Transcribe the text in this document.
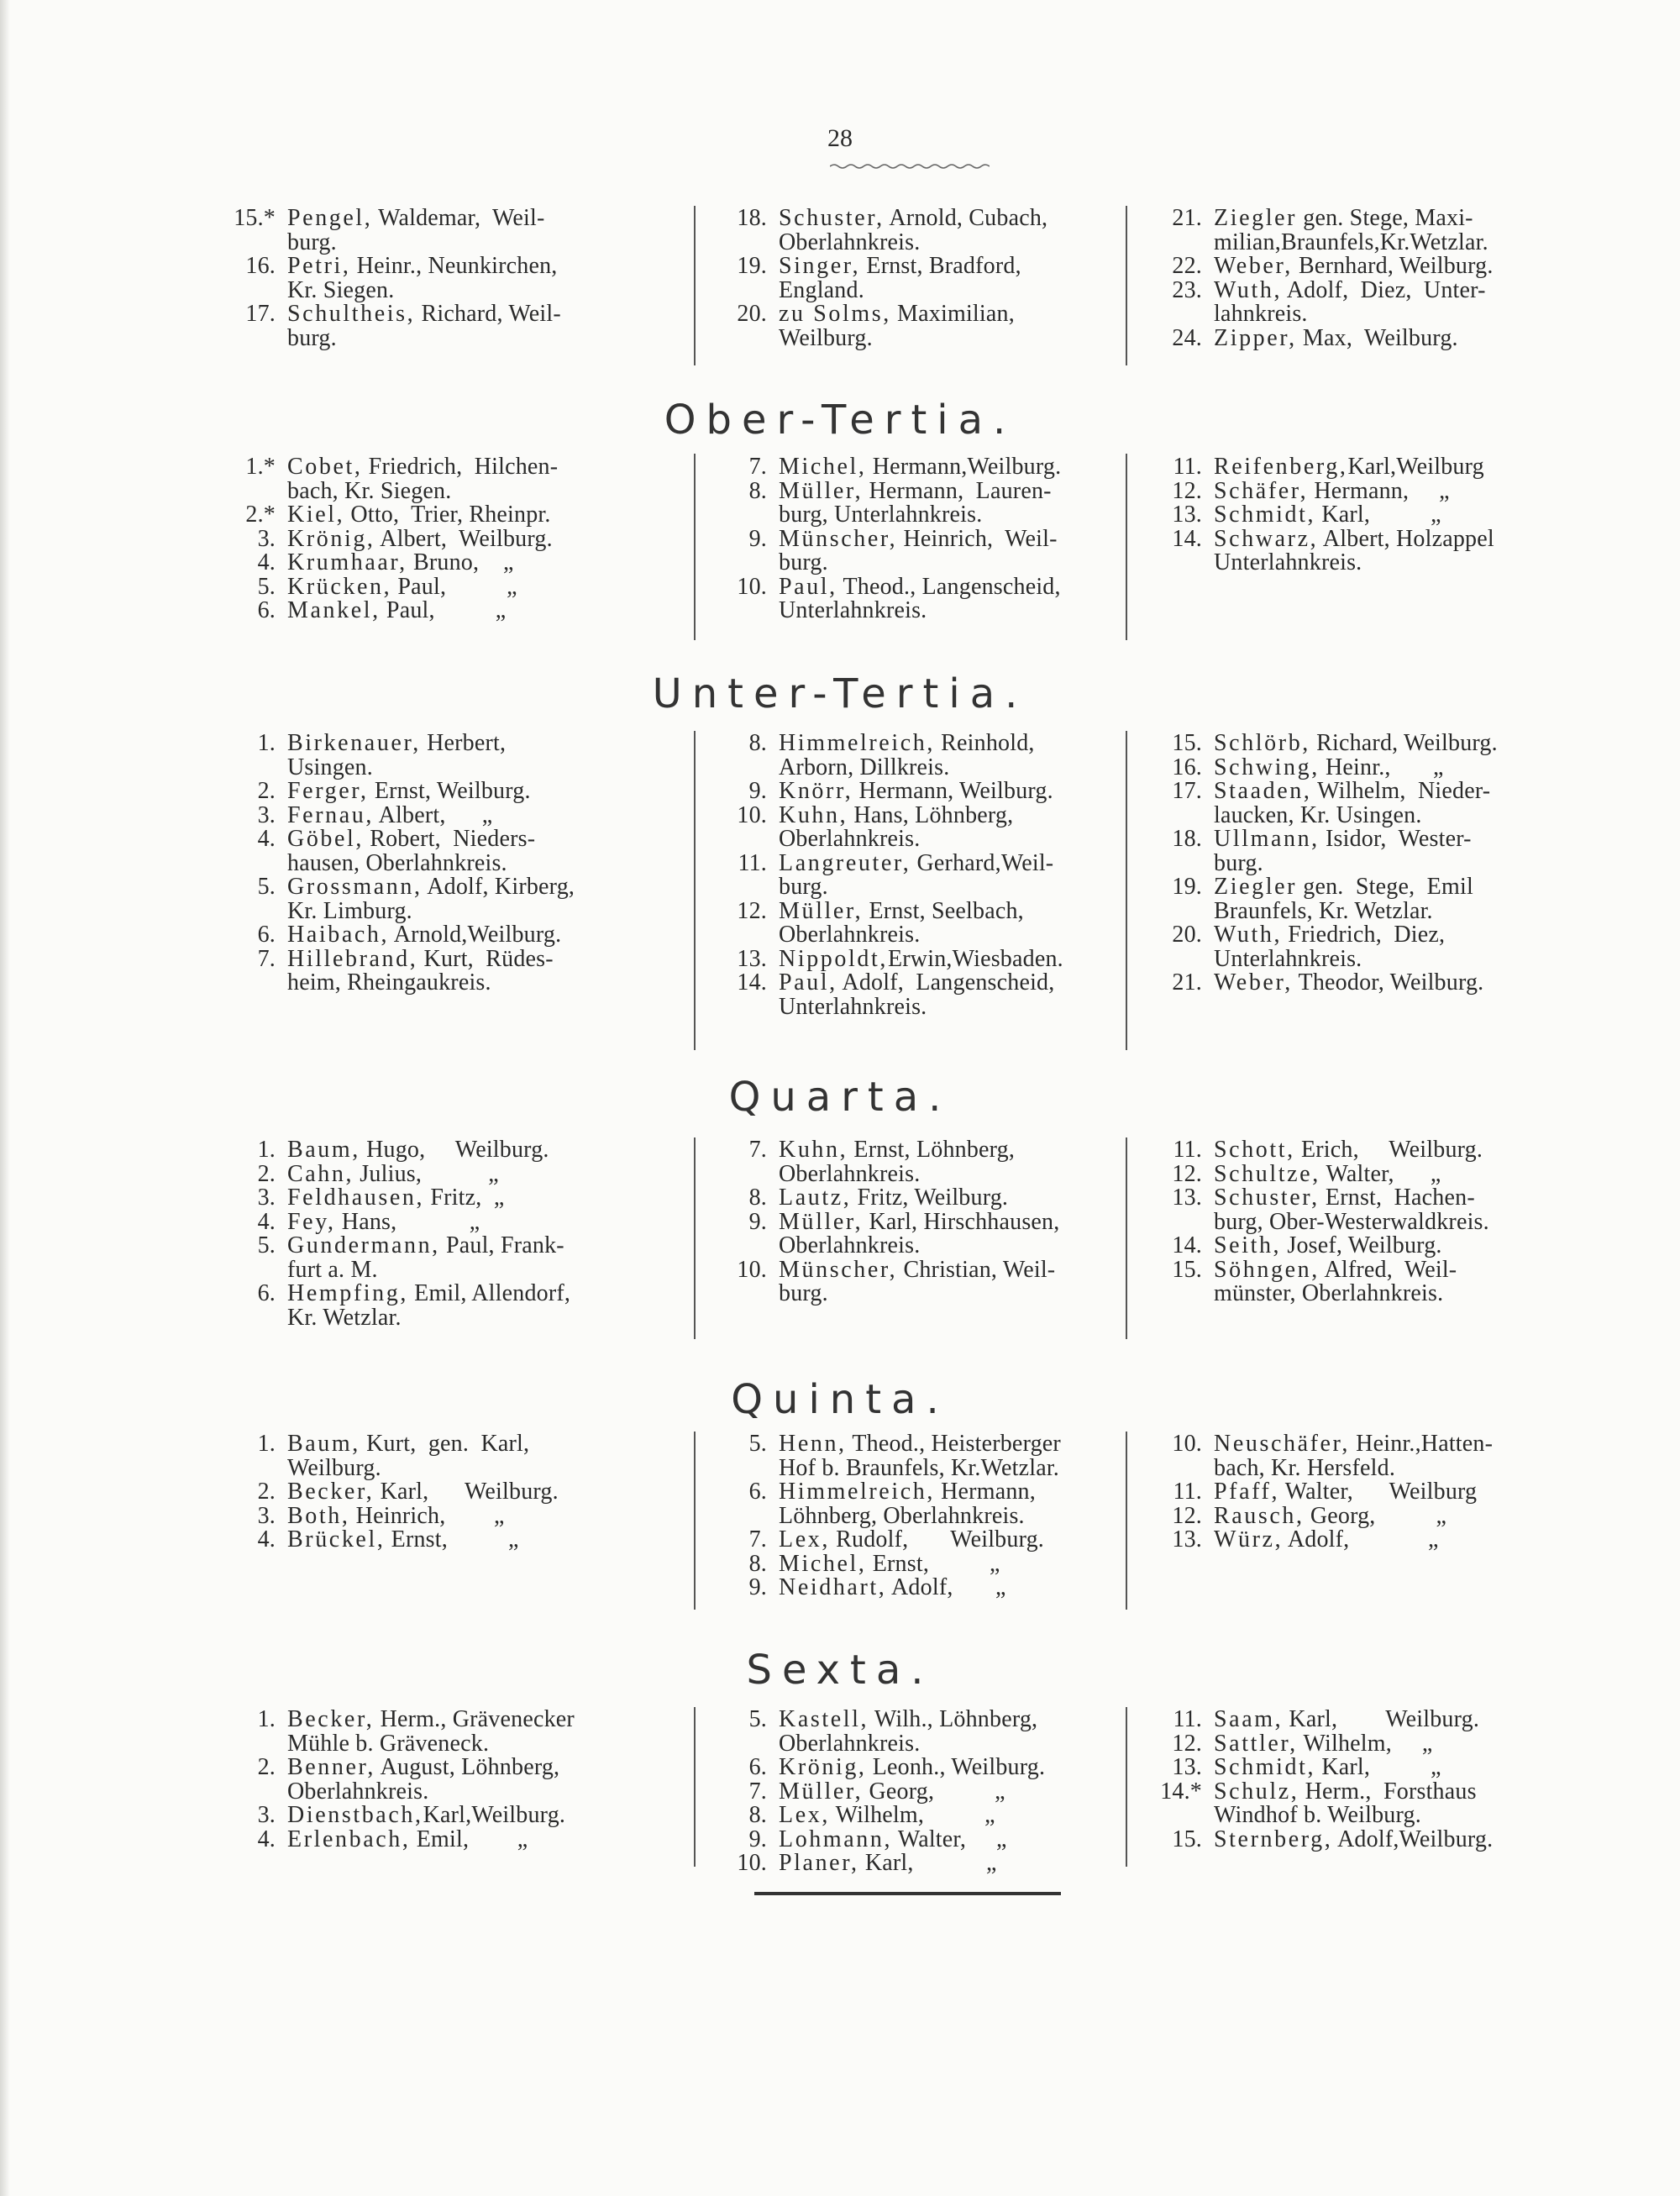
28
15.* Pengel, Waldemar,  Weil-
burg.
16. Petri, Heinr., Neunkirchen,
Kr. Siegen.
17. Schultheis, Richard, Weil-
burg.
18. Schuster, Arnold, Cubach,
Oberlahnkreis.
19. Singer, Ernst, Bradford,
England.
20. zu Solms, Maximilian,
Weilburg.
21. Ziegler gen. Stege, Maxi-
milian,Braunfels,Kr.Wetzlar.
22. Weber, Bernhard, Weilburg.
23. Wuth, Adolf,  Diez,  Unter-
lahnkreis.
24. Zipper, Max,  Weilburg.
Ober-Tertia.
1.* Cobet, Friedrich,  Hilchen-
bach, Kr. Siegen.
2.* Kiel, Otto,  Trier, Rheinpr.
3. Krönig, Albert,  Weilburg.
4. Krumhaar, Bruno,    „
5. Krücken, Paul,          „
6. Mankel, Paul,          „
7. Michel, Hermann,Weilburg.
8. Müller, Hermann,  Lauren-
burg, Unterlahnkreis.
9. Münscher, Heinrich,  Weil-
burg.
10. Paul, Theod., Langenscheid,
Unterlahnkreis.
11. Reifenberg, Karl,Weilburg
12. Schäfer, Hermann,     „
13. Schmidt, Karl,          „
14. Schwarz, Albert, Holzappel
Unterlahnkreis.
Unter-Tertia.
1. Birkenauer, Herbert,
Usingen.
2. Ferger, Ernst, Weilburg.
3. Fernau, Albert,      „
4. Göbel, Robert,  Nieders-
hausen, Oberlahnkreis.
5. Grossmann, Adolf, Kirberg,
Kr. Limburg.
6. Haibach, Arnold,Weilburg.
7. Hillebrand, Kurt,  Rüdes-
heim, Rheingaukreis.
8. Himmelreich, Reinhold,
Arborn, Dillkreis.
9. Knörr, Hermann, Weilburg.
10. Kuhn, Hans, Löhnberg,
Oberlahnkreis.
11. Langreuter, Gerhard,Weil-
burg.
12. Müller, Ernst, Seelbach,
Oberlahnkreis.
13. Nippoldt, Erwin,Wiesbaden.
14. Paul, Adolf,  Langenscheid,
Unterlahnkreis.
15. Schlörb, Richard, Weilburg.
16. Schwing, Heinr.,       „
17. Staaden, Wilhelm,  Nieder-
laucken, Kr. Usingen.
18. Ullmann, Isidor,  Wester-
burg.
19. Ziegler gen.  Stege,  Emil
Braunfels, Kr. Wetzlar.
20. Wuth, Friedrich,  Diez,
Unterlahnkreis.
21. Weber, Theodor, Weilburg.
Quarta.
1. Baum, Hugo,     Weilburg.
2. Cahn, Julius,           „
3. Feldhausen, Fritz,  „
4. Fey, Hans,            „
5. Gundermann, Paul, Frank-
furt a. M.
6. Hempfing, Emil, Allendorf,
Kr. Wetzlar.
7. Kuhn, Ernst, Löhnberg,
Oberlahnkreis.
8. Lautz, Fritz, Weilburg.
9. Müller, Karl, Hirschhausen,
Oberlahnkreis.
10. Münscher, Christian, Weil-
burg.
11. Schott, Erich,     Weilburg.
12. Schultze, Walter,      „
13. Schuster, Ernst,  Hachen-
burg, Ober-Westerwaldkreis.
14. Seith, Josef, Weilburg.
15. Söhngen, Alfred,  Weil-
münster, Oberlahnkreis.
Quinta.
1. Baum, Kurt,  gen.  Karl,
Weilburg.
2. Becker, Karl,      Weilburg.
3. Both, Heinrich,        „
4. Brückel, Ernst,          „
5. Henn, Theod., Heisterberger
Hof b. Braunfels, Kr.Wetzlar.
6. Himmelreich, Hermann,
Löhnberg, Oberlahnkreis.
7. Lex, Rudolf,       Weilburg.
8. Michel, Ernst,          „
9. Neidhart, Adolf,       „
10. Neuschäfer, Heinr.,Hatten-
bach, Kr. Hersfeld.
11. Pfaff, Walter,      Weilburg
12. Rausch, Georg,          „
13. Würz, Adolf,             „
Sexta.
1. Becker, Herm., Grävenecker
Mühle b. Gräveneck.
2. Benner, August, Löhnberg,
Oberlahnkreis.
3. Dienstbach, Karl,Weilburg.
4. Erlenbach, Emil,        „
5. Kastell, Wilh., Löhnberg,
Oberlahnkreis.
6. Krönig, Leonh., Weilburg.
7. Müller, Georg,          „
8. Lex, Wilhelm,          „
9. Lohmann, Walter,     „
10. Planer, Karl,            „
11. Saam, Karl,        Weilburg.
12. Sattler, Wilhelm,     „
13. Schmidt, Karl,          „
14.* Schulz, Herm.,  Forsthaus
Windhof b. Weilburg.
15. Sternberg, Adolf,Weilburg.
